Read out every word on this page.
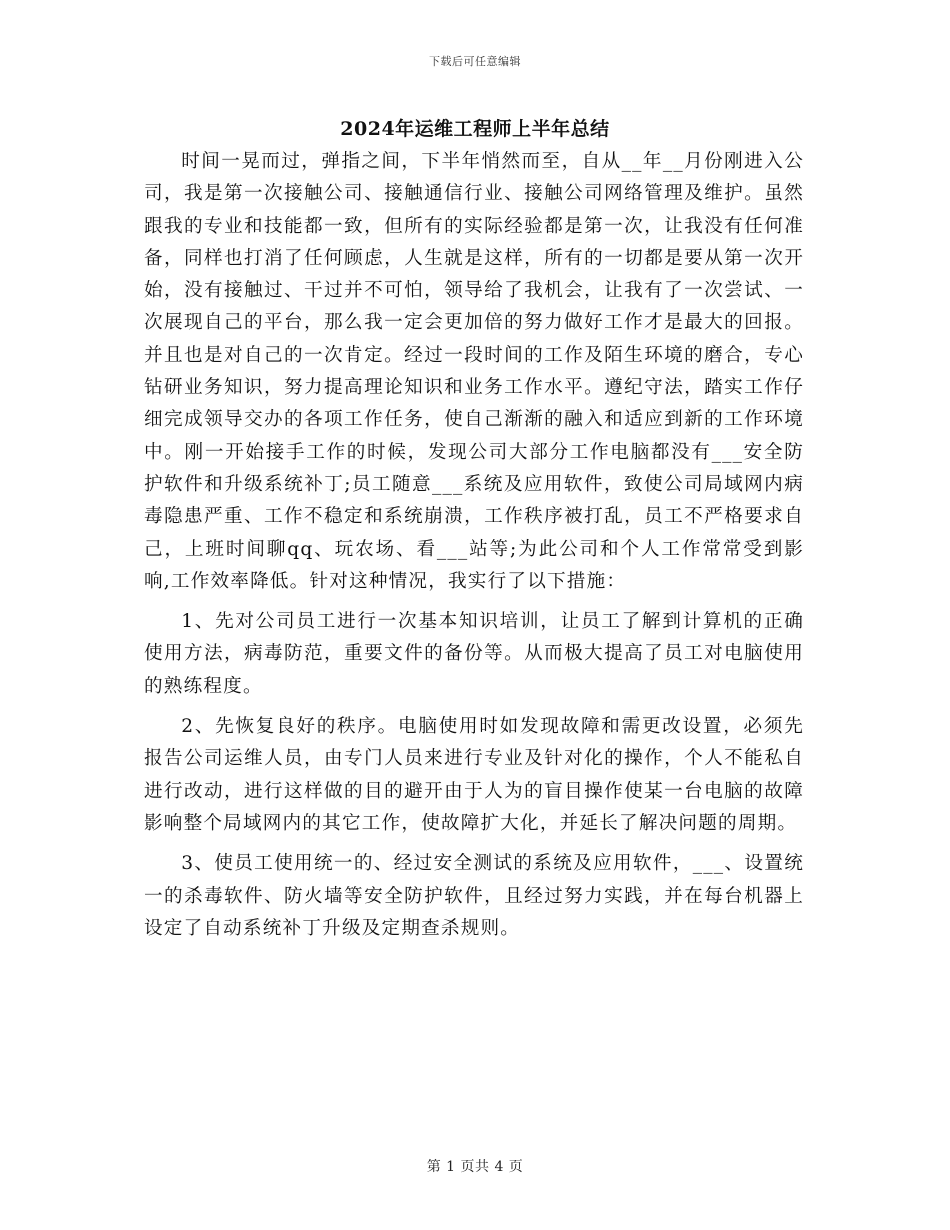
下载后可任意编辑
2024年运维工程师上半年总结

时间一晃而过，弹指之间，下半年悄然而至，自从__年__月份刚进入公司，我是第一次接触公司、接触通信行业、接触公司网络管理及维护。虽然跟我的专业和技能都一致，但所有的实际经验都是第一次，让我没有任何准备，同样也打消了任何顾虑，人生就是这样，所有的一切都是要从第一次开始，没有接触过、干过并不可怕，领导给了我机会，让我有了一次尝试、一次展现自己的平台，那么我一定会更加倍的努力做好工作才是最大的回报。并且也是对自己的一次肯定。经过一段时间的工作及陌生环境的磨合，专心钻研业务知识，努力提高理论知识和业务工作水平。遵纪守法，踏实工作仔细完成领导交办的各项工作任务，使自己渐渐的融入和适应到新的工作环境中。刚一开始接手工作的时候，发现公司大部分工作电脑都没有___安全防护软件和升级系统补丁;员工随意___系统及应用软件，致使公司局域网内病毒隐患严重、工作不稳定和系统崩溃，工作秩序被打乱，员工不严格要求自己，上班时间聊qq、玩农场、看___站等;为此公司和个人工作常常受到影响,工作效率降低。针对这种情况，我实行了以下措施：

1、先对公司员工进行一次基本知识培训，让员工了解到计算机的正确使用方法，病毒防范，重要文件的备份等。从而极大提高了员工对电脑使用的熟练程度。

2、先恢复良好的秩序。电脑使用时如发现故障和需更改设置，必须先报告公司运维人员，由专门人员来进行专业及针对化的操作，个人不能私自进行改动，进行这样做的目的避开由于人为的盲目操作使某一台电脑的故障影响整个局域网内的其它工作，使故障扩大化，并延长了解决问题的周期。

3、使员工使用统一的、经过安全测试的系统及应用软件，___、设置统一的杀毒软件、防火墙等安全防护软件，且经过努力实践，并在每台机器上设定了自动系统补丁升级及定期查杀规则。

第 1 页共 4 页
